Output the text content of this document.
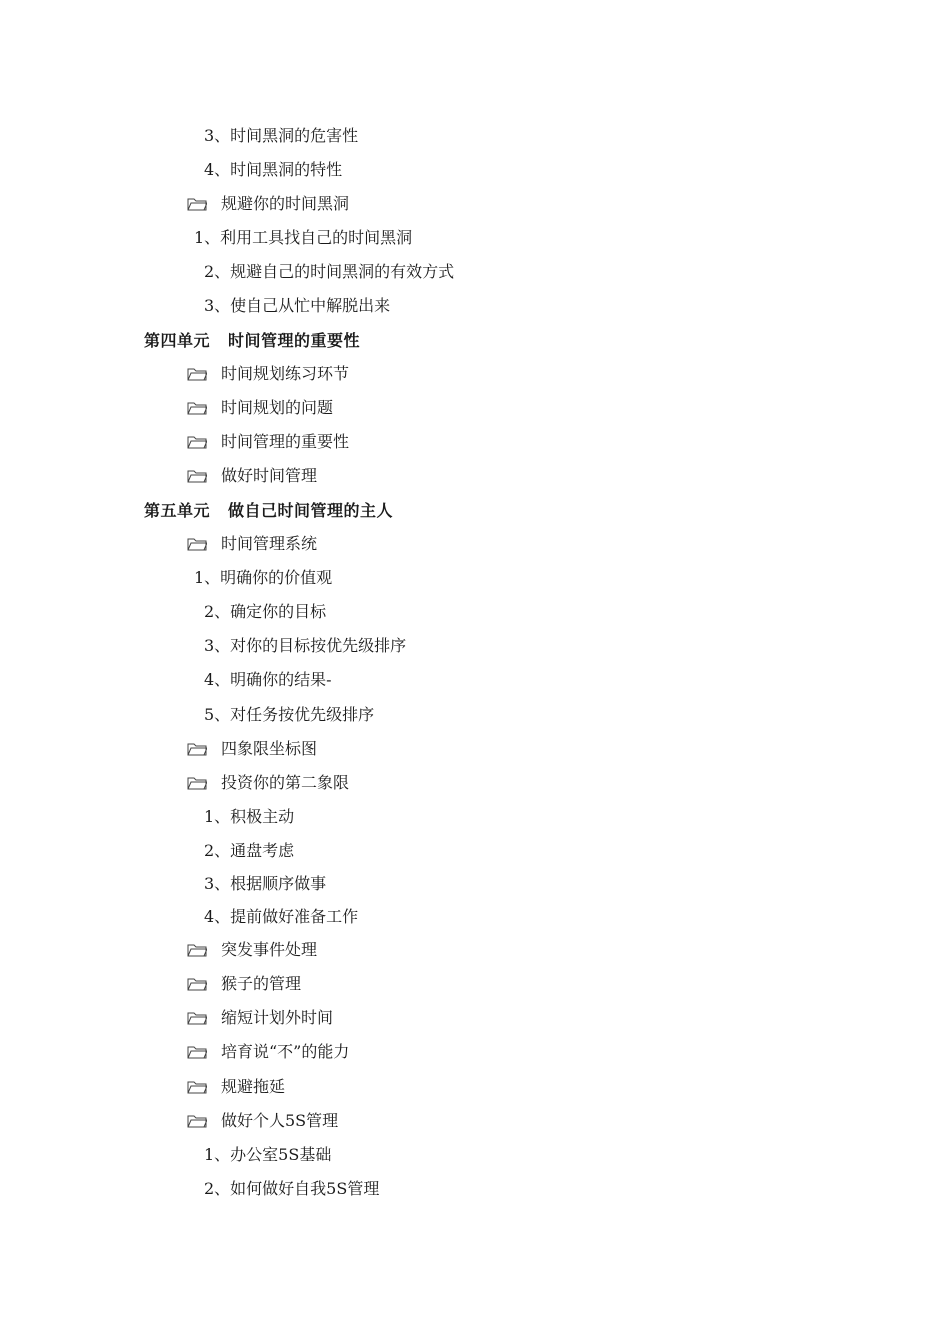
3、时间黑洞的危害性
4、时间黑洞的特性
规避你的时间黑洞
1、利用工具找自己的时间黑洞
2、规避自己的时间黑洞的有效方式
3、使自己从忙中解脱出来
第四单元 时间管理的重要性
时间规划练习环节
时间规划的问题
时间管理的重要性
做好时间管理
第五单元 做自己时间管理的主人
时间管理系统
1、明确你的价值观
2、确定你的目标
3、对你的目标按优先级排序
4、明确你的结果-
5、对任务按优先级排序
四象限坐标图
投资你的第二象限
1、积极主动
2、通盘考虑
3、根据顺序做事
4、提前做好准备工作
突发事件处理
猴子的管理
缩短计划外时间
培育说“不”的能力
规避拖延
做好个人5S管理
1、办公室5S基础
2、如何做好自我5S管理
